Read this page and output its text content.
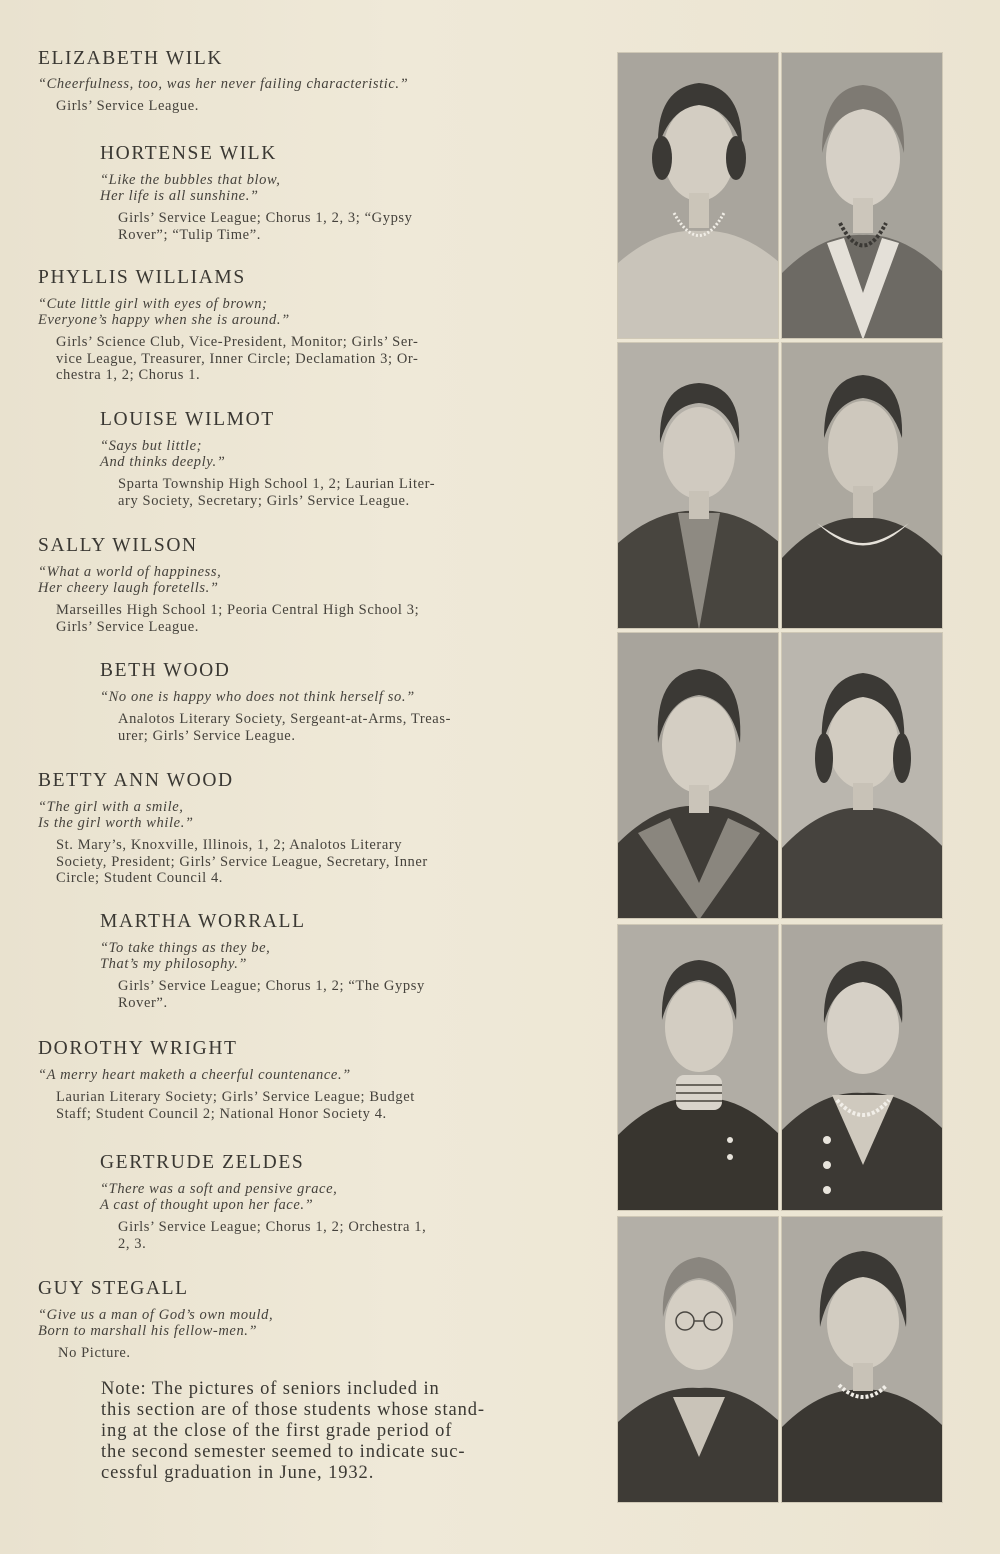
ELIZABETH WILK
“Cheerfulness, too, was her never failing characteristic.”
Girls’ Service League.
HORTENSE WILK
“Like the bubbles that blow,
Her life is all sunshine.”
Girls’ Service League; Chorus 1, 2, 3; “Gypsy
Rover”; “Tulip Time”.
PHYLLIS WILLIAMS
“Cute little girl with eyes of brown;
Everyone’s happy when she is around.”
Girls’ Science Club, Vice-President, Monitor; Girls’ Ser-
vice League, Treasurer, Inner Circle; Declamation 3; Or-
chestra 1, 2; Chorus 1.
LOUISE WILMOT
“Says but little;
And thinks deeply.”
Sparta Township High School 1, 2; Laurian Liter-
ary Society, Secretary; Girls’ Service League.
SALLY WILSON
“What a world of happiness,
Her cheery laugh foretells.”
Marseilles High School 1; Peoria Central High School 3;
Girls’ Service League.
BETH WOOD
“No one is happy who does not think herself so.”
Analotos Literary Society, Sergeant-at-Arms, Treas-
urer; Girls’ Service League.
BETTY ANN WOOD
“The girl with a smile,
Is the girl worth while.”
St. Mary’s, Knoxville, Illinois, 1, 2; Analotos Literary
Society, President; Girls’ Service League, Secretary, Inner
Circle; Student Council 4.
MARTHA WORRALL
“To take things as they be,
That’s my philosophy.”
Girls’ Service League; Chorus 1, 2; “The Gypsy
Rover”.
DOROTHY WRIGHT
“A merry heart maketh a cheerful countenance.”
Laurian Literary Society; Girls’ Service League; Budget
Staff; Student Council 2; National Honor Society 4.
GERTRUDE ZELDES
“There was a soft and pensive grace,
A cast of thought upon her face.”
Girls’ Service League; Chorus 1, 2; Orchestra 1,
2, 3.
GUY STEGALL
“Give us a man of God’s own mould,
Born to marshall his fellow-men.”
No Picture.
Note: The pictures of seniors included in
this section are of those students whose stand-
ing at the close of the first grade period of
the second semester seemed to indicate suc-
cessful graduation in June, 1932.
